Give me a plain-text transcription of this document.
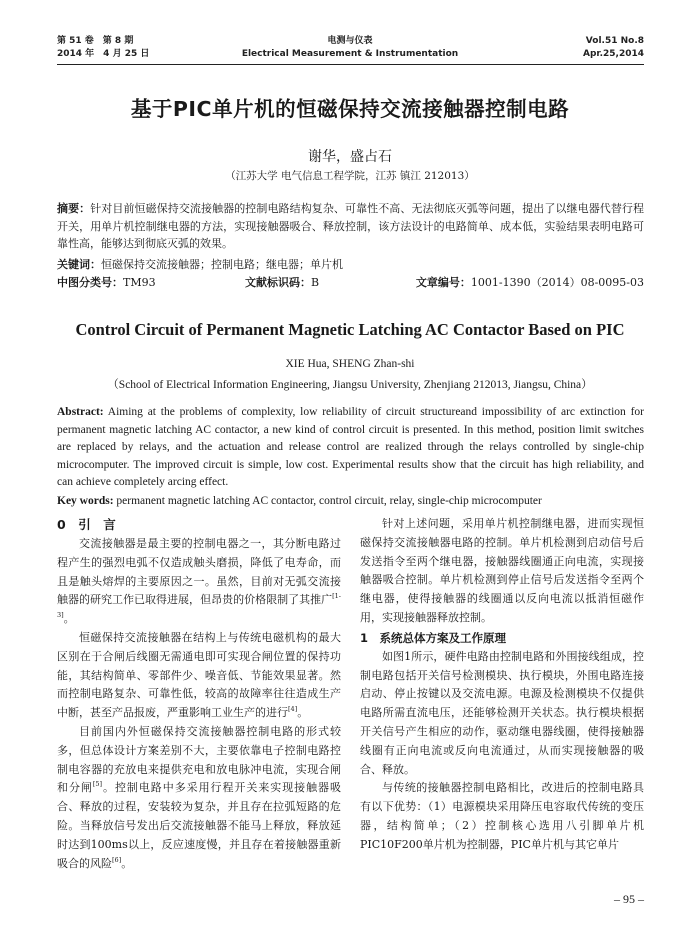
第 51 卷　第 8 期
2014 年　4 月 25 日
电测与仪表
Electrical Measurement & Instrumentation
Vol.51 No.8
Apr.25,2014
基于PIC单片机的恒磁保持交流接触器控制电路
谢华，盛占石
（江苏大学 电气信息工程学院，江苏 镇江 212013）
摘要：针对目前恒磁保持交流接触器的控制电路结构复杂、可靠性不高、无法彻底灭弧等问题，提出了以继电器代替行程开关，用单片机控制继电器的方法，实现接触器吸合、释放控制，该方法设计的电路简单、成本低，实验结果表明电路可靠性高，能够达到彻底灭弧的效果。
关键词：恒磁保持交流接触器；控制电路；继电器；单片机
中图分类号：TM93	文献标识码：B	文章编号：1001-1390（2014）08-0095-03
Control Circuit of Permanent Magnetic Latching AC Contactor Based on PIC
XIE Hua, SHENG Zhan-shi
（School of Electrical Information Engineering, Jiangsu University, Zhenjiang 212013, Jiangsu, China）
Abstract: Aiming at the problems of complexity, low reliability of circuit structureand impossibility of arc extinction for permanent magnetic latching AC contactor, a new kind of control circuit is presented. In this method, position limit switches are replaced by relays, and the actuation and release control are realized through the relays controlled by single-chip microcomputer. The improved circuit is simple, low cost. Experimental results show that the circuit has high reliability, and can achieve completely arcing effect.
Key words: permanent magnetic latching AC contactor, control circuit, relay, single-chip microcomputer
0　引　言

交流接触器是最主要的控制电器之一，其分断电路过程产生的强烈电弧不仅造成触头磨损，降低了电寿命，而且是触头熔焊的主要原因之一。虽然，目前对无弧交流接触器的研究工作已取得进展，但昂贵的价格限制了其推广[1-3]。

恒磁保持交流接触器在结构上与传统电磁机构的最大区别在于合闸后线圈无需通电即可实现合闸位置的保持功能，其结构简单、零部件少、噪音低、节能效果显著。然而控制电路复杂、可靠性低，较高的故障率往往造成生产中断，甚至产品报废，严重影响工业生产的进行[4]。

目前国内外恒磁保持交流接触器控制电路的形式较多，但总体设计方案差别不大，主要依靠电子控制电路控制电容器的充放电来提供充电和放电脉冲电流，实现合闸和分闸[5]。控制电路中多采用行程开关来实现接触器吸合、释放的过程，安装较为复杂，并且存在拉弧短路的危险。当释放信号发出后交流接触器不能马上释放，释放延时达到100ms以上，反应速度慢，并且存在着接触器重新吸合的风险[6]。

针对上述问题，采用单片机控制继电器，进而实现恒磁保持交流接触器电路的控制。单片机检测到启动信号后发送指令至两个继电器，接触器线圈通正向电流，实现接触器吸合控制。单片机检测到停止信号后发送指令至两个继电器，使得接触器的线圈通以反向电流以抵消恒磁作用，实现接触器释放控制。

1　系统总体方案及工作原理

如图1所示，硬件电路由控制电路和外围接线组成，控制电路包括开关信号检测模块、执行模块，外围电路连接启动、停止按键以及交流电源。电源及检测模块不仅提供电路所需直流电压，还能够检测开关状态。执行模块根据开关信号产生相应的动作，驱动继电器线圈，使得接触器线圈有正向电流或反向电流通过，从而实现接触器的吸合、释放。

与传统的接触器控制电路相比，改进后的控制电路具有以下优势：（1）电源模块采用降压电容取代传统的变压器，结构简单；（2）控制核心选用八引脚单片机PIC10F200单片机为控制器，PIC单片机与其它单片

– 95 –
